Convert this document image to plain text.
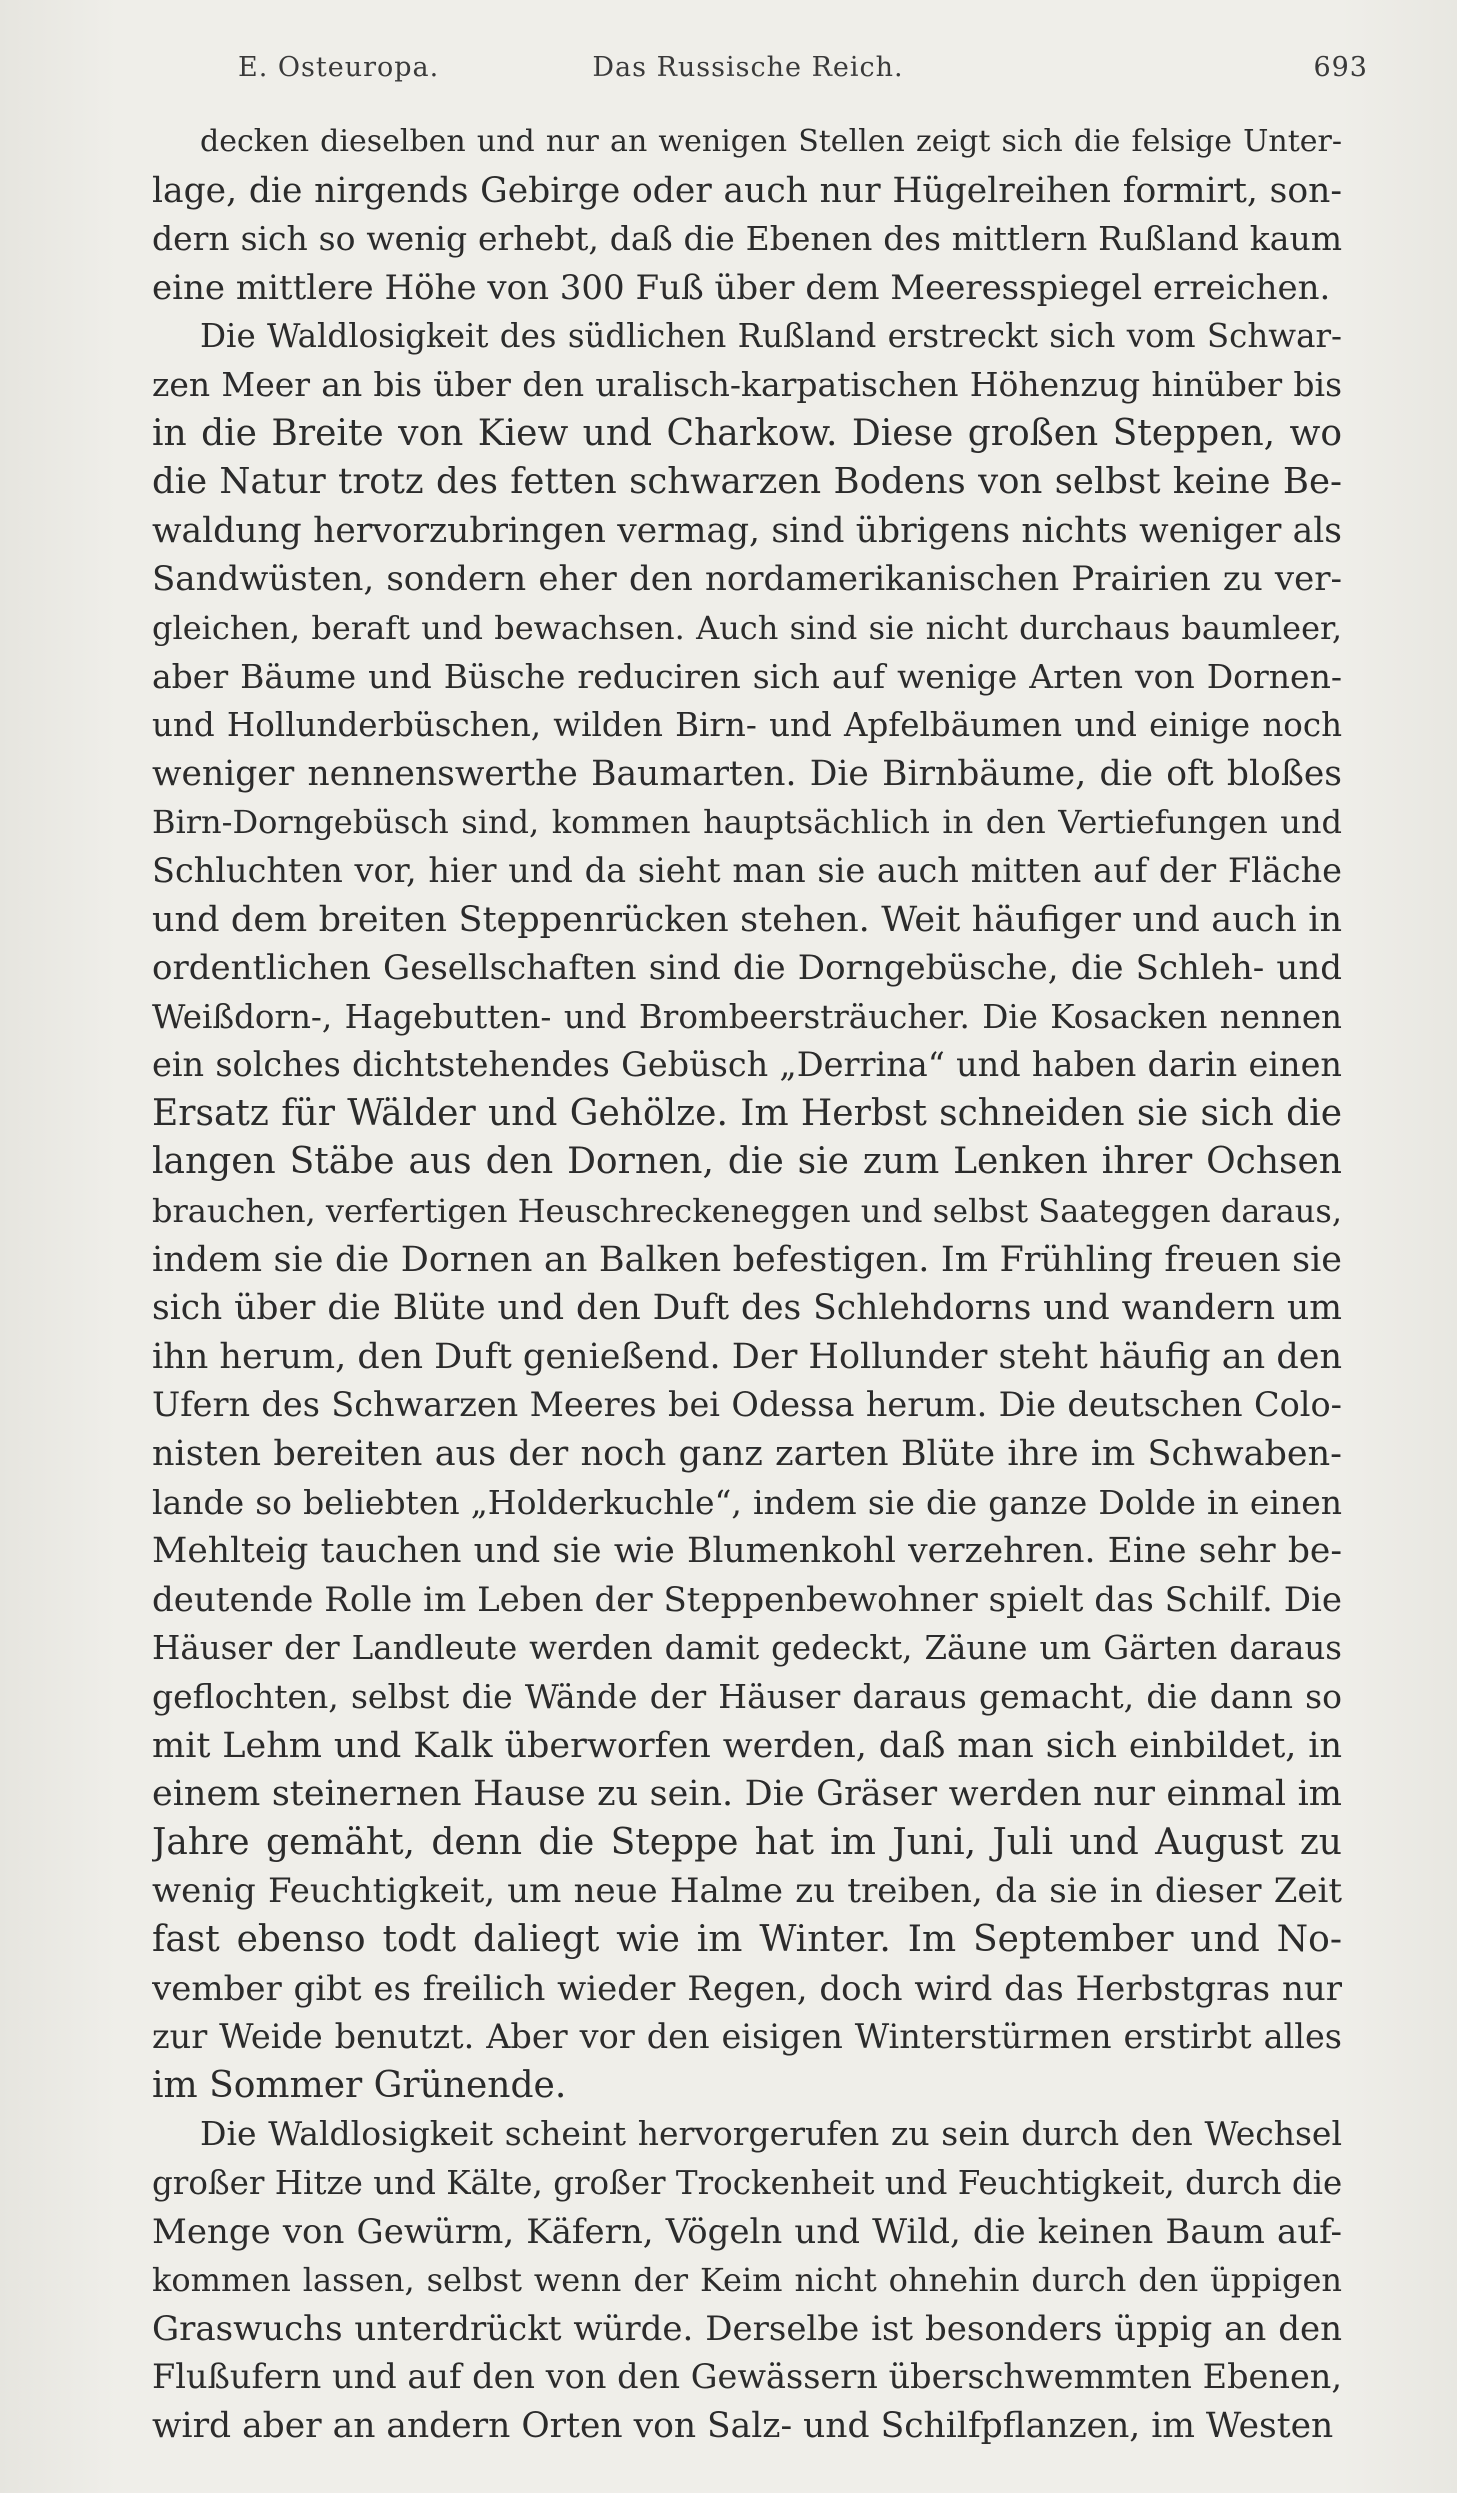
E. Osteuropa.	Das Russische Reich.	693
decken dieselben und nur an wenigen Stellen zeigt sich die felsige Unter-
lage, die nirgends Gebirge oder auch nur Hügelreihen formirt, son-
dern sich so wenig erhebt, daß die Ebenen des mittlern Rußland kaum
eine mittlere Höhe von 300 Fuß über dem Meeresspiegel erreichen.
Die Waldlosigkeit des südlichen Rußland erstreckt sich vom Schwar-
zen Meer an bis über den uralisch-karpatischen Höhenzug hinüber bis
in die Breite von Kiew und Charkow. Diese großen Steppen, wo
die Natur trotz des fetten schwarzen Bodens von selbst keine Be-
waldung hervorzubringen vermag, sind übrigens nichts weniger als
Sandwüsten, sondern eher den nordamerikanischen Prairien zu ver-
gleichen, beraft und bewachsen. Auch sind sie nicht durchaus baumleer,
aber Bäume und Büsche reduciren sich auf wenige Arten von Dornen-
und Hollunderbüschen, wilden Birn- und Apfelbäumen und einige noch
weniger nennenswerthe Baumarten. Die Birnbäume, die oft bloßes
Birn-Dorngebüsch sind, kommen hauptsächlich in den Vertiefungen und
Schluchten vor, hier und da sieht man sie auch mitten auf der Fläche
und dem breiten Steppenrücken stehen. Weit häufiger und auch in
ordentlichen Gesellschaften sind die Dorngebüsche, die Schleh- und
Weißdorn-, Hagebutten- und Brombeersträucher. Die Kosacken nennen
ein solches dichtstehendes Gebüsch „Derrina“ und haben darin einen
Ersatz für Wälder und Gehölze. Im Herbst schneiden sie sich die
langen Stäbe aus den Dornen, die sie zum Lenken ihrer Ochsen
brauchen, verfertigen Heuschreckeneggen und selbst Saateggen daraus,
indem sie die Dornen an Balken befestigen. Im Frühling freuen sie
sich über die Blüte und den Duft des Schlehdorns und wandern um
ihn herum, den Duft genießend. Der Hollunder steht häufig an den
Ufern des Schwarzen Meeres bei Odessa herum. Die deutschen Colo-
nisten bereiten aus der noch ganz zarten Blüte ihre im Schwaben-
lande so beliebten „Holderkuchle“, indem sie die ganze Dolde in einen
Mehlteig tauchen und sie wie Blumenkohl verzehren. Eine sehr be-
deutende Rolle im Leben der Steppenbewohner spielt das Schilf. Die
Häuser der Landleute werden damit gedeckt, Zäune um Gärten daraus
geflochten, selbst die Wände der Häuser daraus gemacht, die dann so
mit Lehm und Kalk überworfen werden, daß man sich einbildet, in
einem steinernen Hause zu sein. Die Gräser werden nur einmal im
Jahre gemäht, denn die Steppe hat im Juni, Juli und August zu
wenig Feuchtigkeit, um neue Halme zu treiben, da sie in dieser Zeit
fast ebenso todt daliegt wie im Winter. Im September und No-
vember gibt es freilich wieder Regen, doch wird das Herbstgras nur
zur Weide benutzt. Aber vor den eisigen Winterstürmen erstirbt alles
im Sommer Grünende.
Die Waldlosigkeit scheint hervorgerufen zu sein durch den Wechsel
großer Hitze und Kälte, großer Trockenheit und Feuchtigkeit, durch die
Menge von Gewürm, Käfern, Vögeln und Wild, die keinen Baum auf-
kommen lassen, selbst wenn der Keim nicht ohnehin durch den üppigen
Graswuchs unterdrückt würde. Derselbe ist besonders üppig an den
Flußufern und auf den von den Gewässern überschwemmten Ebenen,
wird aber an andern Orten von Salz- und Schilfpflanzen, im Westen
